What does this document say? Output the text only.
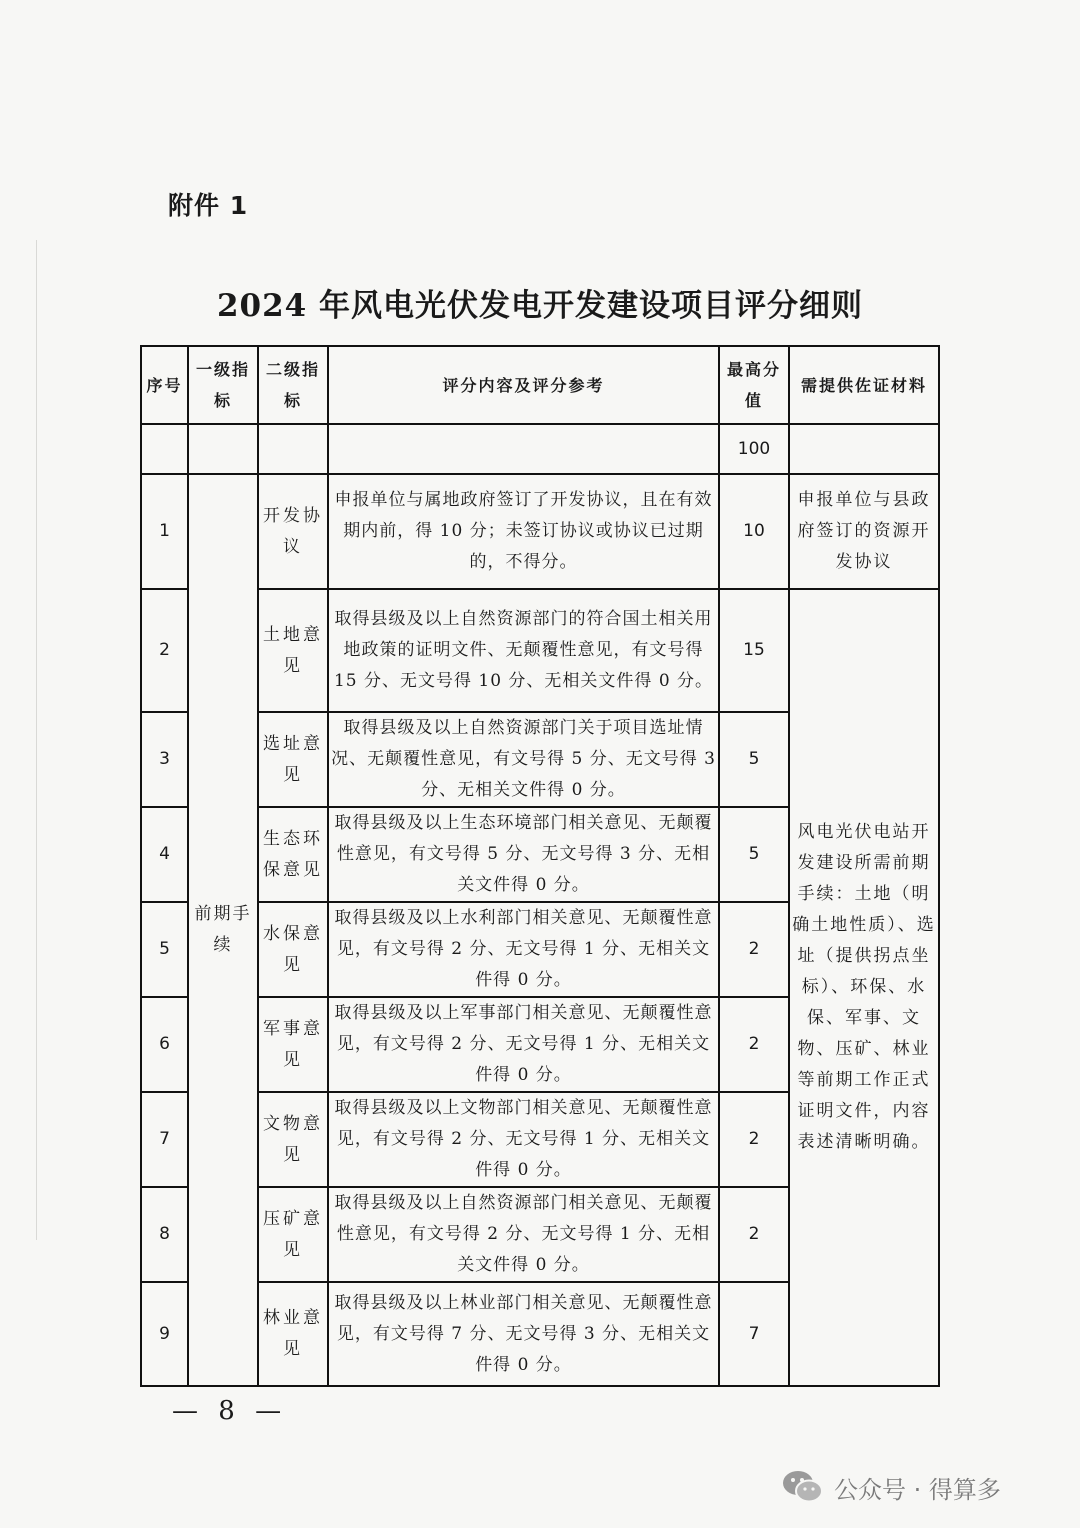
附件 1
2024 年风电光伏发电开发建设项目评分细则
序号	一级指标	二级指标	评分内容及评分参考	最高分值	需提供佐证材料
				100	
1	前期手续	开发协议	申报单位与属地政府签订了开发协议，且在有效期内前，得 10 分；未签订协议或协议已过期的，不得分。	10	申报单位与县政府签订的资源开发协议
2		土地意见	取得县级及以上自然资源部门的符合国土相关用地政策的证明文件、无颠覆性意见，有文号得 15 分、无文号得 10 分、无相关文件得 0 分。	15	风电光伏电站开发建设所需前期手续：土地（明确土地性质）、选址（提供拐点坐标）、环保、水保、军事、文物、压矿、林业等前期工作正式证明文件，内容表述清晰明确。
3		选址意见	取得县级及以上自然资源部门关于项目选址情况、无颠覆性意见，有文号得 5 分、无文号得 3 分、无相关文件得 0 分。	5	
4		生态环保意见	取得县级及以上生态环境部门相关意见、无颠覆性意见，有文号得 5 分、无文号得 3 分、无相关文件得 0 分。	5	
5		水保意见	取得县级及以上水利部门相关意见、无颠覆性意见，有文号得 2 分、无文号得 1 分、无相关文件得 0 分。	2	
6		军事意见	取得县级及以上军事部门相关意见、无颠覆性意见，有文号得 2 分、无文号得 1 分、无相关文件得 0 分。	2	
7		文物意见	取得县级及以上文物部门相关意见、无颠覆性意见，有文号得 2 分、无文号得 1 分、无相关文件得 0 分。	2	
8		压矿意见	取得县级及以上自然资源部门相关意见、无颠覆性意见，有文号得 2 分、无文号得 1 分、无相关文件得 0 分。	2	
9		林业意见	取得县级及以上林业部门相关意见、无颠覆性意见，有文号得 7 分、无文号得 3 分、无相关文件得 0 分。	7	
— 8 —
公众号 · 得算多
